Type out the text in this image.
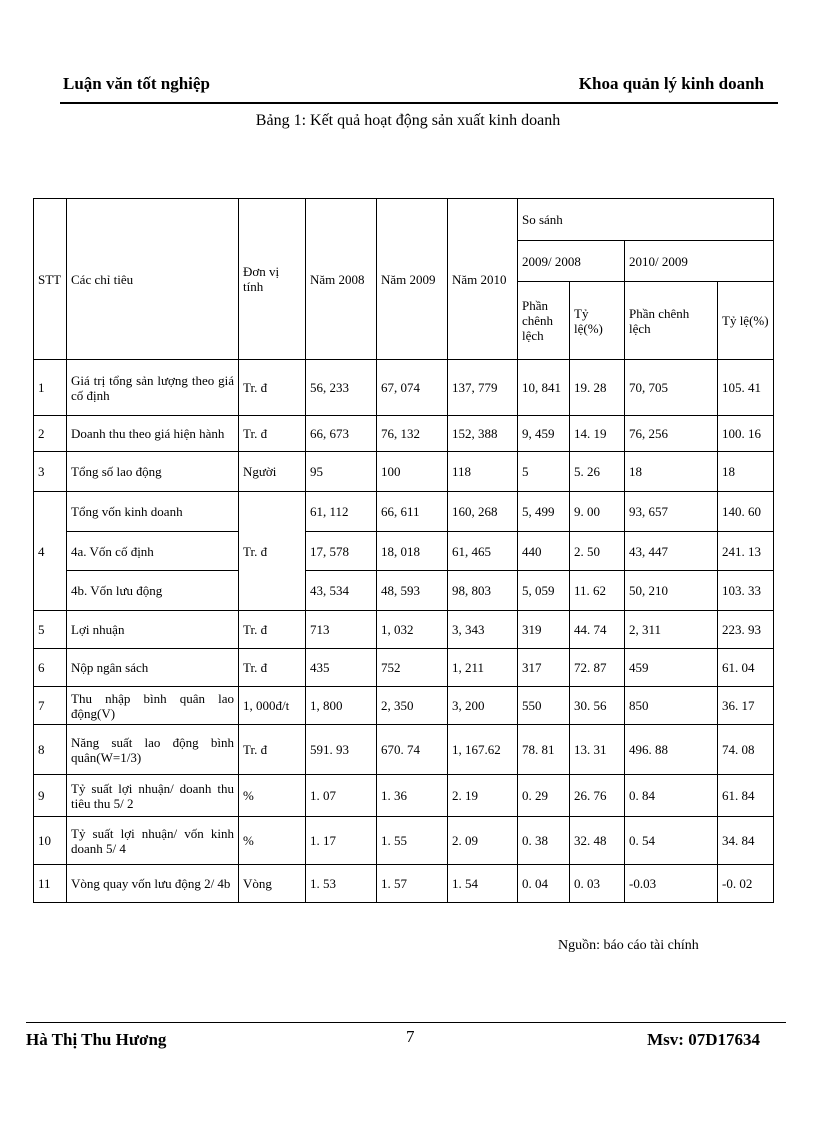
Luận văn tốt nghiệp	Khoa quản lý kinh doanh
Bảng 1: Kết quả hoạt động sản xuất kinh doanh
STT	Các chỉ tiêu	Đơn vị tính	Năm 2008	Năm 2009	Năm 2010	So sánh			
						2009/ 2008		2010/ 2009	
						Phần chênh lệch	Tỷ lệ(%)	Phần chênh lệch	Tỷ lệ(%)
1	Giá trị tổng sản lượng theo giá cố định	Tr. đ	56, 233	67, 074	137, 779	10, 841	19. 28	70, 705	105. 41
2	Doanh thu theo giá hiện hành	Tr. đ	66, 673	76, 132	152, 388	9, 459	14. 19	76, 256	100. 16
3	Tổng số lao động	Người	95	100	118	5	5. 26	18	18
4	Tổng vốn kinh doanh	Tr. đ	61, 112	66, 611	160, 268	5, 499	9. 00	93, 657	140. 60
	4a. Vốn cố định		17, 578	18, 018	61, 465	440	2. 50	43, 447	241. 13
	4b. Vốn lưu động		43, 534	48, 593	98, 803	5, 059	11. 62	50, 210	103. 33
5	Lợi nhuận	Tr. đ	713	1, 032	3, 343	319	44. 74	2, 311	223. 93
6	Nộp ngân sách	Tr. đ	435	752	1, 211	317	72. 87	459	61. 04
7	Thu nhập bình quân lao động(V)	1, 000đ/t	1, 800	2, 350	3, 200	550	30. 56	850	36. 17
8	Năng suất lao động bình quân(W=1/3)	Tr. đ	591. 93	670. 74	1, 167.62	78. 81	13. 31	496. 88	74. 08
9	Tỷ suất lợi nhuận/ doanh thu tiêu thu 5/ 2	%	1. 07	1. 36	2. 19	0. 29	26. 76	0. 84	61. 84
10	Tỷ suất lợi nhuận/ vốn kinh doanh 5/ 4	%	1. 17	1. 55	2. 09	0. 38	32. 48	0. 54	34. 84
11	Vòng quay vốn lưu động 2/ 4b	Vòng	1. 53	1. 57	1. 54	0. 04	0. 03	-0.03	-0. 02
Nguồn: báo cáo tài chính
Hà Thị Thu Hương	7	Msv: 07D17634
